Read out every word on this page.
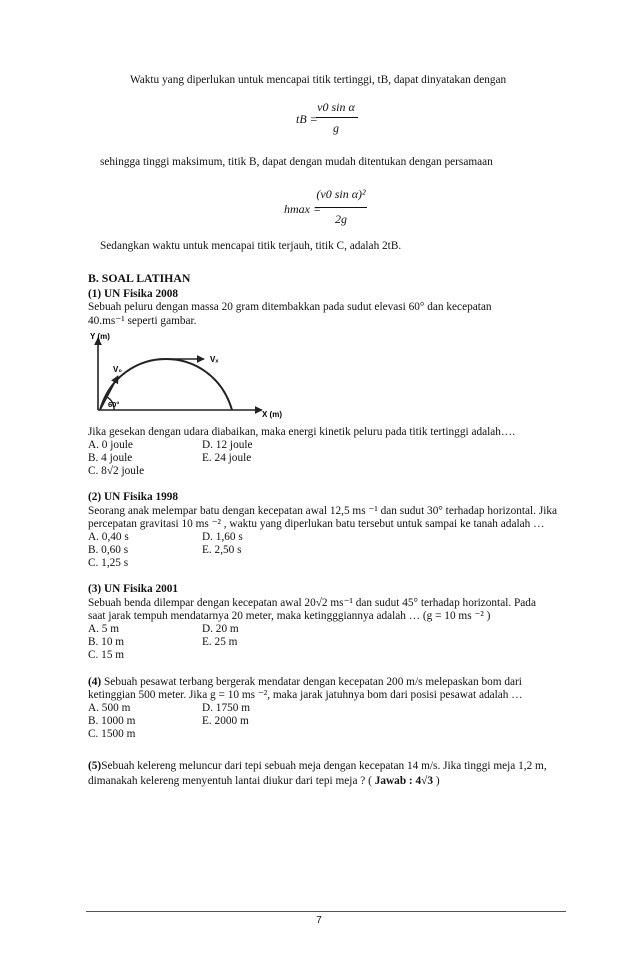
Waktu yang diperlukan untuk mencapai titik tertinggi, tB, dapat dinyatakan dengan
tB =
v0 sin α
g
sehingga tinggi maksimum, titik B, dapat dengan mudah ditentukan dengan persamaan
hmax =
(v0 sin α)²
2g
Sedangkan waktu untuk mencapai titik terjauh, titik C, adalah 2tB.
B. SOAL LATIHAN
(1) UN Fisika 2008
Sebuah peluru dengan massa 20 gram ditembakkan pada sudut elevasi 60° dan kecepatan
40.ms⁻¹ seperti gambar.
Y (m)
X (m)
V₀
Vₓ
60°
Jika gesekan dengan udara diabaikan, maka energi kinetik peluru pada titik tertinggi adalah….
A. 0 joule	D. 12 joule
B. 4 joule	E. 24 joule
C. 8√2 joule
(2) UN Fisika 1998
Seorang anak melempar batu dengan kecepatan awal 12,5 ms ⁻¹ dan sudut 30° terhadap horizontal. Jika
percepatan gravitasi 10 ms ⁻² , waktu yang diperlukan batu tersebut untuk sampai ke tanah adalah …
A. 0,40 s	D. 1,60 s
B. 0,60 s	E. 2,50 s
C. 1,25 s
(3) UN Fisika 2001
Sebuah benda dilempar dengan kecepatan awal 20√2 ms⁻¹ dan sudut 45° terhadap horizontal. Pada
saat jarak tempuh mendatarnya 20 meter, maka ketingggiannya adalah … (g = 10 ms ⁻² )
A. 5 m	D. 20 m
B. 10 m	E. 25 m
C. 15 m
(4) Sebuah pesawat terbang bergerak mendatar dengan kecepatan 200 m/s melepaskan bom dari
ketinggian 500 meter. Jika g = 10 ms ⁻², maka jarak jatuhnya bom dari posisi pesawat adalah …
A. 500 m	D. 1750 m
B. 1000 m	E. 2000 m
C. 1500 m
(5)Sebuah kelereng meluncur dari tepi sebuah meja dengan kecepatan 14 m/s. Jika tinggi meja 1,2 m,
dimanakah kelereng menyentuh lantai diukur dari tepi meja ? ( Jawab : 4√3 )
7
